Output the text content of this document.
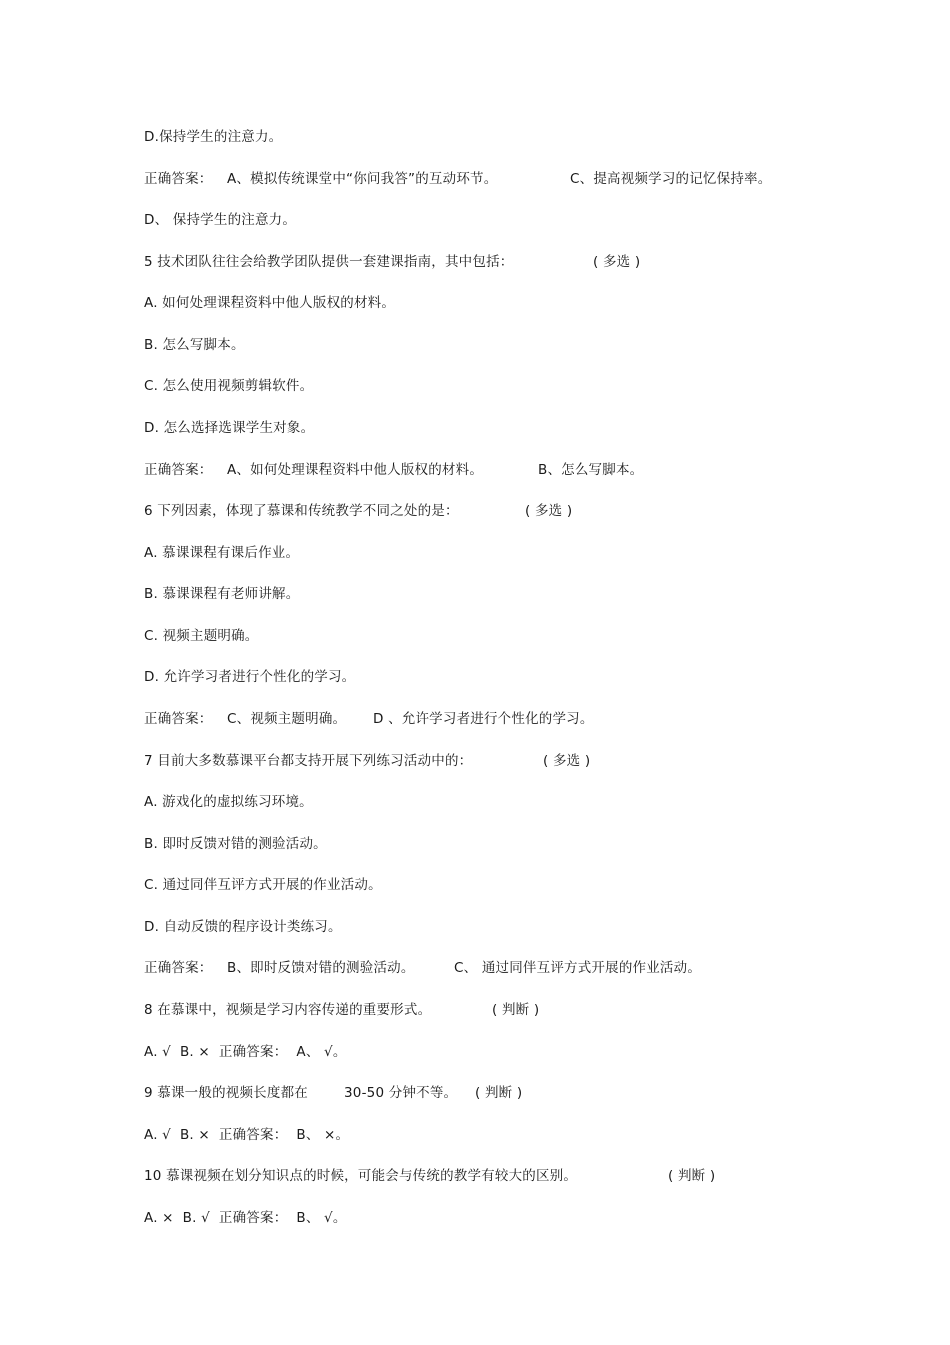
D.保持学生的注意力。

正确答案：

A、模拟传统课堂中“你问我答”的互动环节。

	C、提高视频学习的记忆保持率。

D、 保持学生的注意力。

5 技术团队往往会给教学团队提供一套建课指南，其中包括：

	( 多选 )

A. 如何处理课程资料中他人版权的材料。

B. 怎么写脚本。

C. 怎么使用视频剪辑软件。

D. 怎么选择选课学生对象。

正确答案：

A、如何处理课程资料中他人版权的材料。

	B、怎么写脚本。

6 下列因素，体现了慕课和传统教学不同之处的是：

	( 多选 )

A. 慕课课程有课后作业。

B. 慕课课程有老师讲解。

C. 视频主题明确。

D. 允许学习者进行个性化的学习。

正确答案：

C、视频主题明确。

D 、允许学习者进行个性化的学习。

7 目前大多数慕课平台都支持开展下列练习活动中的：

	( 多选 )

A. 游戏化的虚拟练习环境。

B. 即时反馈对错的测验活动。

C. 通过同伴互评方式开展的作业活动。

D. 自动反馈的程序设计类练习。

正确答案：

B、即时反馈对错的测验活动。

	C、 通过同伴互评方式开展的作业活动。

8 在慕课中，视频是学习内容传递的重要形式。

	( 判断 )

A. √  B. ×  正确答案：  A、 √。

9 慕课一般的视频长度都在

	30-50 分钟不等。

( 判断 )

A. √  B. ×  正确答案：  B、 ×。

10 慕课视频在划分知识点的时候，可能会与传统的教学有较大的区别。

	( 判断 )

A. ×  B. √  正确答案：  B、 √。
